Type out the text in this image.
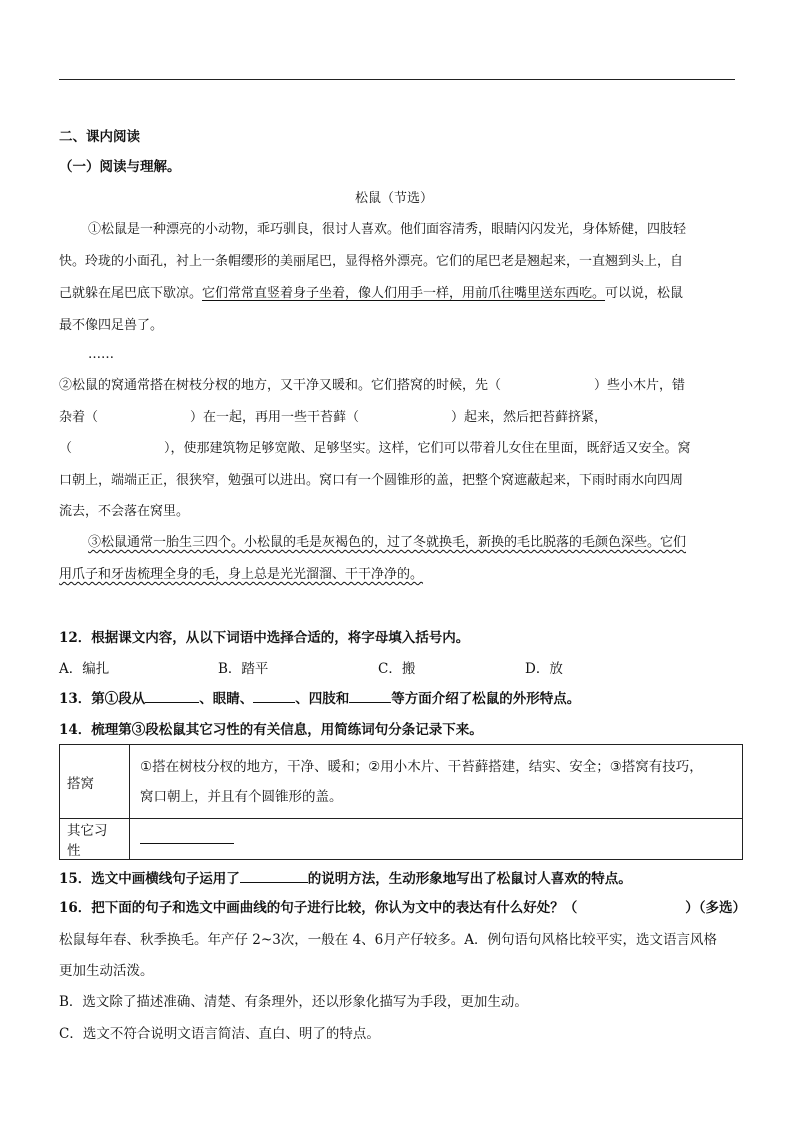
二、课内阅读
（一）阅读与理解。
松鼠（节选）
①松鼠是一种漂亮的小动物，乖巧驯良，很讨人喜欢。他们面容清秀，眼睛闪闪发光，身体矫健，四肢轻
快。玲珑的小面孔，衬上一条帽缨形的美丽尾巴，显得格外漂亮。它们的尾巴老是翘起来，一直翘到头上，自
己就躲在尾巴底下歇凉。它们常常直竖着身子坐着，像人们用手一样，用前爪往嘴里送东西吃。可以说，松鼠
最不像四足兽了。
……
②松鼠的窝通常搭在树枝分杈的地方，又干净又暖和。它们搭窝的时候，先（	）些小木片，错
杂着（	）在一起，再用一些干苔藓（	）起来，然后把苔藓挤紧，
（	），使那建筑物足够宽敞、足够坚实。这样，它们可以带着儿女住在里面，既舒适又安全。窝
口朝上，端端正正，很狭窄，勉强可以进出。窝口有一个圆锥形的盖，把整个窝遮蔽起来，下雨时雨水向四周
流去，不会落在窝里。
③松鼠通常一胎生三四个。小松鼠的毛是灰褐色的，过了冬就换毛，新换的毛比脱落的毛颜色深些。它们
用爪子和牙齿梳理全身的毛，身上总是光光溜溜、干干净净的。
12．根据课文内容，从以下词语中选择合适的，将字母填入括号内。
A．编扎	B．踏平	C．搬	D．放
13．第①段从	、眼睛、	、四肢和	等方面介绍了松鼠的外形特点。
14．梳理第③段松鼠其它习性的有关信息，用简练词句分条记录下来。
搭窝	①搭在树枝分杈的地方，干净、暖和；②用小木片、干苔藓搭建，结实、安全；③搭窝有技巧，
窝口朝上，并且有个圆锥形的盖。

其它习性	
15．选文中画横线句子运用了	的说明方法，生动形象地写出了松鼠讨人喜欢的特点。
16．把下面的句子和选文中画曲线的句子进行比较，你认为文中的表达有什么好处？（	）（多选）
松鼠每年春、秋季换毛。年产仔 2~3次，一般在 4、6月产仔较多。A．例句语句风格比较平实，选文语言风格
更加生动活泼。
B．选文除了描述准确、清楚、有条理外，还以形象化描写为手段，更加生动。
C．选文不符合说明文语言简洁、直白、明了的特点。
